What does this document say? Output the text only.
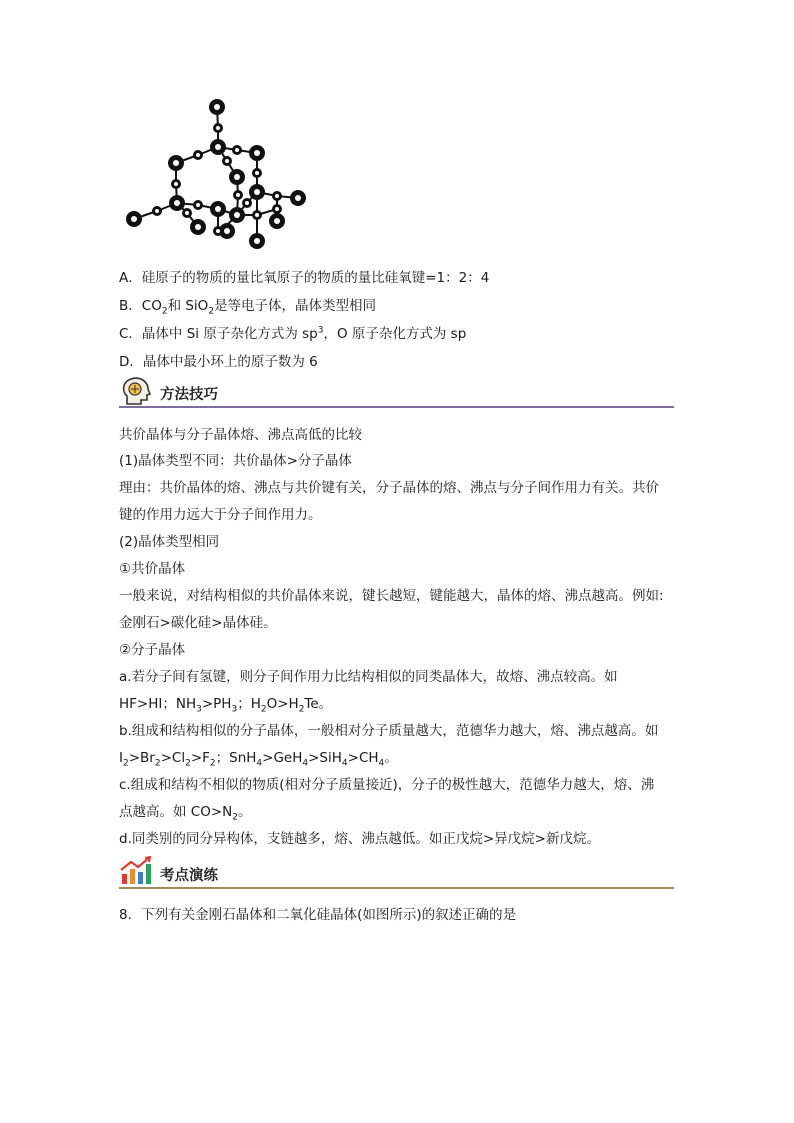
A．硅原子的物质的量比氧原子的物质的量比硅氧键=1：2：4
B．$CO_2$和 SiO$_2$是等电子体，晶体类型相同
C．晶体中 Si 原子杂化方式为 $sp^3$，O 原子杂化方式为 sp
D．晶体中最小环上的原子数为 6
方法技巧
共价晶体与分子晶体熔、沸点高低的比较
(1)晶体类型不同：共价晶体>分子晶体
理由：共价晶体的熔、沸点与共价键有关，分子晶体的熔、沸点与分子间作用力有关。共价
键的作用力远大于分子间作用力。
(2)晶体类型相同
①共价晶体
一般来说，对结构相似的共价晶体来说，键长越短，键能越大，晶体的熔、沸点越高。例如:
金刚石>碳化硅>晶体硅。
②分子晶体
a.若分子间有氢键，则分子间作用力比结构相似的同类晶体大，故熔、沸点较高。如
HF>HI；$NH_3>PH_3$；$H_2O>H_2Te$。
b.组成和结构相似的分子晶体，一般相对分子质量越大，范德华力越大，熔、沸点越高。如
$I_2>Br_2>Cl_2>F_2$；$SnH_4>GeH_4>SiH_4>CH_4$。
c.组成和结构不相似的物质(相对分子质量接近)，分子的极性越大，范德华力越大，熔、沸
点越高。如 $CO>N_2$。
d.同类别的同分异构体，支链越多，熔、沸点越低。如正戊烷>异戊烷>新戊烷。
考点演练
8．下列有关金刚石晶体和二氧化硅晶体(如图所示)的叙述正确的是
